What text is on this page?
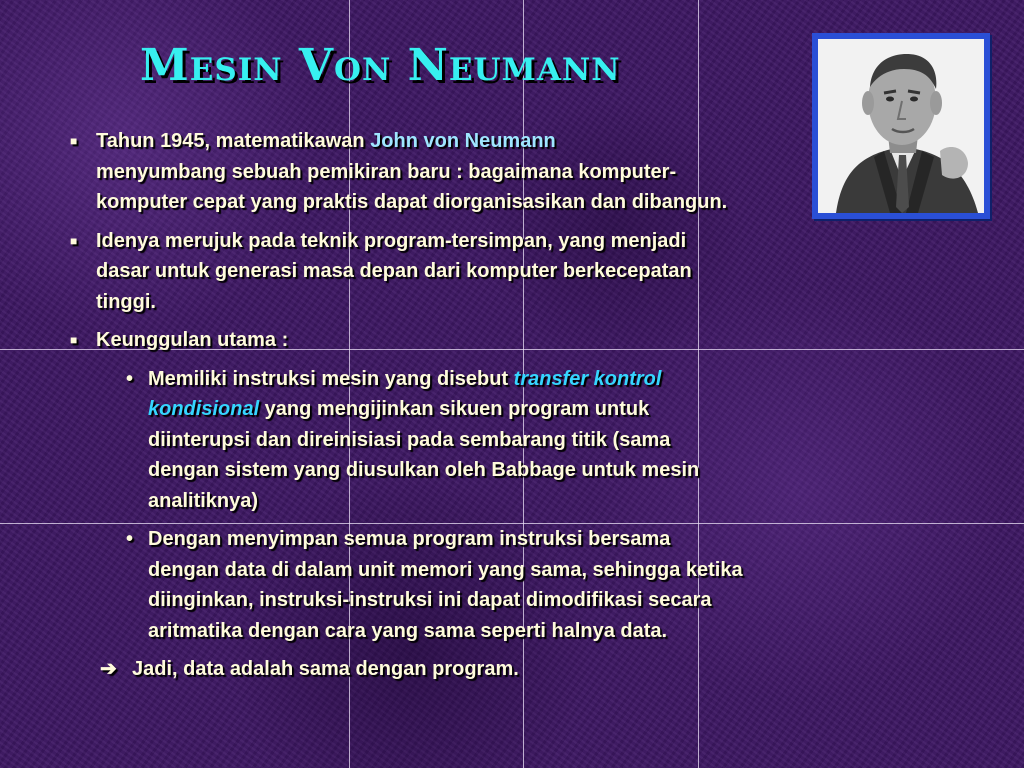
Mesin Von Neumann
■ Tahun 1945, matematikawan John von Neumann
menyumbang sebuah pemikiran baru : bagaimana komputer-
komputer cepat yang praktis dapat diorganisasikan dan dibangun.
■ Idenya merujuk pada teknik program-tersimpan, yang menjadi
dasar untuk generasi masa depan dari komputer berkecepatan
tinggi.
■ Keunggulan utama :
• Memiliki instruksi mesin yang disebut transfer kontrol
kondisional yang mengijinkan sikuen program untuk
diinterupsi dan direinisiasi pada sembarang titik (sama
dengan sistem yang diusulkan oleh Babbage untuk mesin
analitiknya)
• Dengan menyimpan semua program instruksi bersama
dengan data di dalam unit memori yang sama, sehingga ketika
diinginkan, instruksi-instruksi ini dapat dimodifikasi secara
aritmatika dengan cara yang sama seperti halnya data.
➔ Jadi, data adalah sama dengan program.
